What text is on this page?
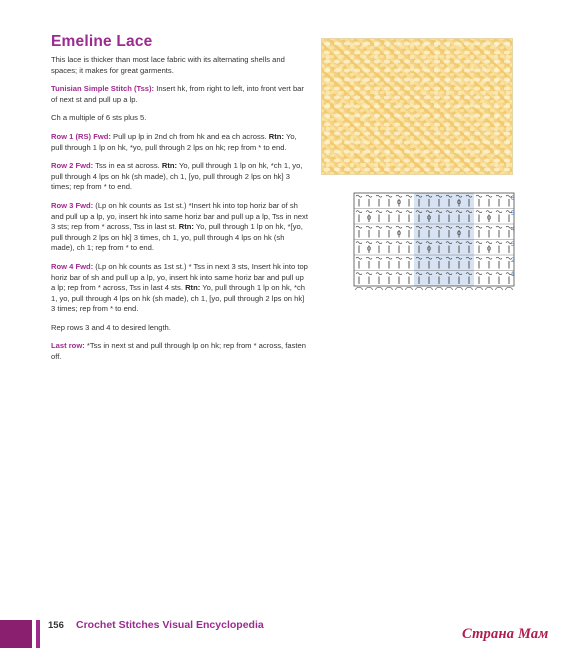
Emeline Lace

This lace is thicker than most lace fabric with its alternating shells and spaces; it makes for great garments.

Tunisian Simple Stitch (Tss): Insert hk, from right to left, into front vert bar of next st and pull up a lp.

Ch a multiple of 6 sts plus 5.

Row 1 (RS) Fwd: Pull up lp in 2nd ch from hk and ea ch across. Rtn: Yo, pull through 1 lp on hk, *yo, pull through 2 lps on hk; rep from * to end.

Row 2 Fwd: Tss in ea st across. Rtn: Yo, pull through 1 lp on hk, *ch 1, yo, pull through 4 lps on hk (sh made), ch 1, [yo, pull through 2 lps on hk] 3 times; rep from * to end.

Row 3 Fwd: (Lp on hk counts as 1st st.) *Insert hk into top horiz bar of sh and pull up a lp, yo, insert hk into same horiz bar and pull up a lp, Tss in next 3 sts; rep from * across, Tss in last st. Rtn: Yo, pull through 1 lp on hk, *[yo, pull through 2 lps on hk] 3 times, ch 1, yo, pull through 4 lps on hk (sh made), ch 1; rep from * to end.

Row 4 Fwd: (Lp on hk counts as 1st st.) * Tss in next 3 sts, Insert hk into top horiz bar of sh and pull up a lp, yo, insert hk into same horiz bar and pull up a lp; rep from * across, Tss in last 4 sts. Rtn: Yo, pull through 1 lp on hk, *ch 1, yo, pull through 4 lps on hk (sh made), ch 1, [yo, pull through 2 lps on hk] 3 times; rep from * to end.

Rep rows 3 and 4 to desired length.

Last row: *Tss in next st and pull through lp on hk; rep from * across, fasten off.

6
5
4
3
2
1
156 Crochet Stitches Visual Encyclopedia
Страна Мам
